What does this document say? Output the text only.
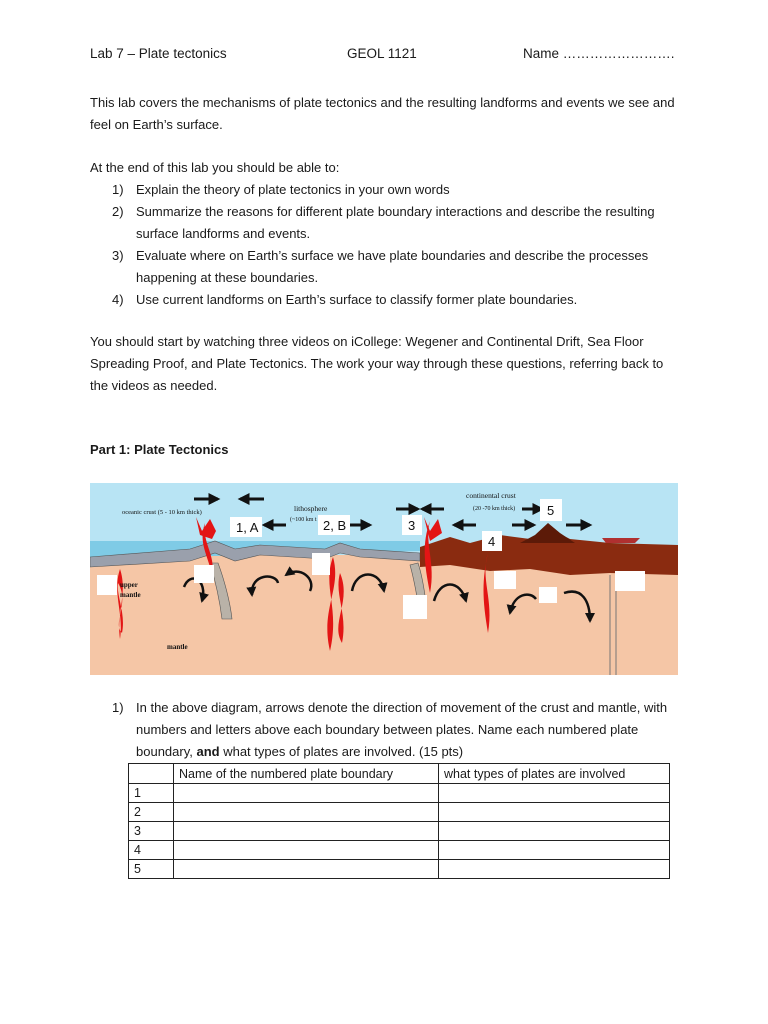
Lab 7 – Plate tectonics	GEOL 1121	Name …………………….

This lab covers the mechanisms of plate tectonics and the resulting landforms and events we see and feel on Earth’s surface.

At the end of this lab you should be able to:

1) Explain the theory of plate tectonics in your own words
2) Summarize the reasons for different plate boundary interactions and describe the resulting surface landforms and events.
3) Evaluate where on Earth’s surface we have plate boundaries and describe the processes happening at these boundaries.
4) Use current landforms on Earth’s surface to classify former plate boundaries.

You should start by watching three videos on iCollege: Wegener and Continental Drift, Sea Floor Spreading Proof, and Plate Tectonics. The work your way through these questions, referring back to the videos as needed.

Part 1: Plate Tectonics
1, A	2, B	3
4
5
oceanic crust (5 - 10 km thick)	lithosphere
(~100 km t
continental crust
(20 -70 km thick)
upper
mantle
mantle
1) In the above diagram, arrows denote the direction of movement of the crust and mantle, with numbers and letters above each boundary between plates. Name each numbered plate boundary, and what types of plates are involved. (15 pts)
	Name of the numbered plate boundary	what types of plates are involved
1		
2		
3		
4		
5		
